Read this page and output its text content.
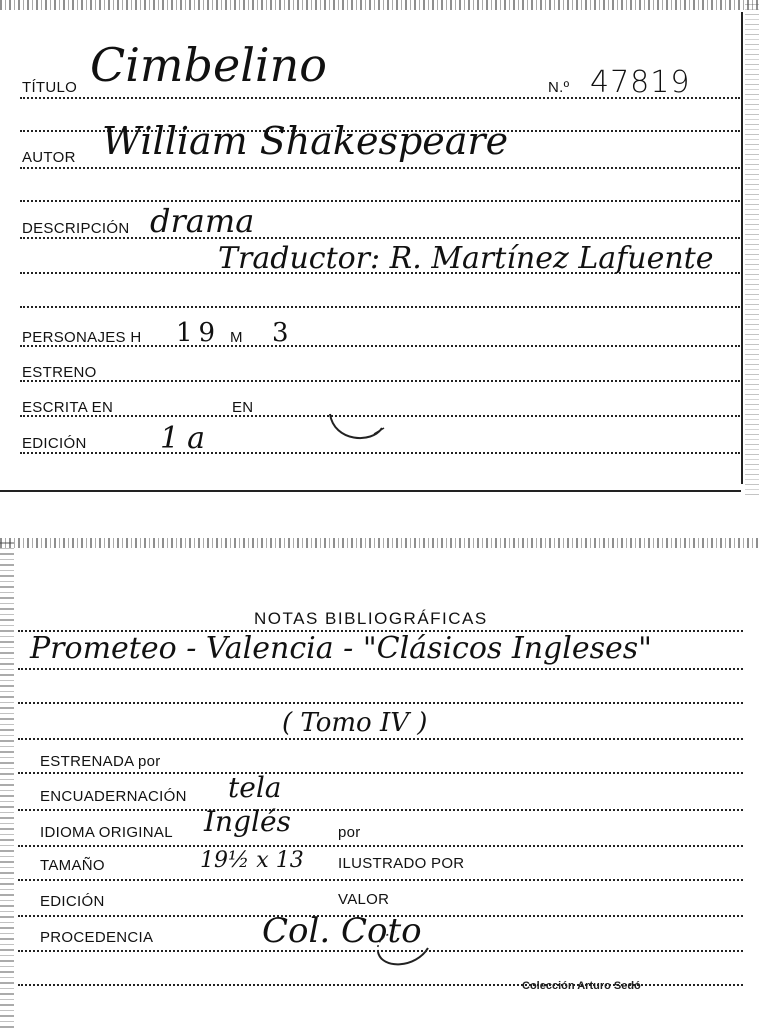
TÍTULO Cimbelino	N.º 47819
AUTOR William Shakespeare
DESCRIPCIÓN drama
Traductor: R. Martínez Lafuente
PERSONAJES H 19 M 3
ESTRENO
ESCRITA EN	EN
EDICIÓN 1a
NOTAS BIBLIOGRÁFICAS
Prometeo - Valencia - "Clásicos Ingleses"
( Tomo IV )
ESTRENADA por
ENCUADERNACIÓN tela
IDIOMA ORIGINAL Inglés	por
TAMAÑO	19½ x 13 ILUSTRADO POR
EDICIÓN	VALOR
PROCEDENCIA	Col. Coto
Colección Arturo Sedó
